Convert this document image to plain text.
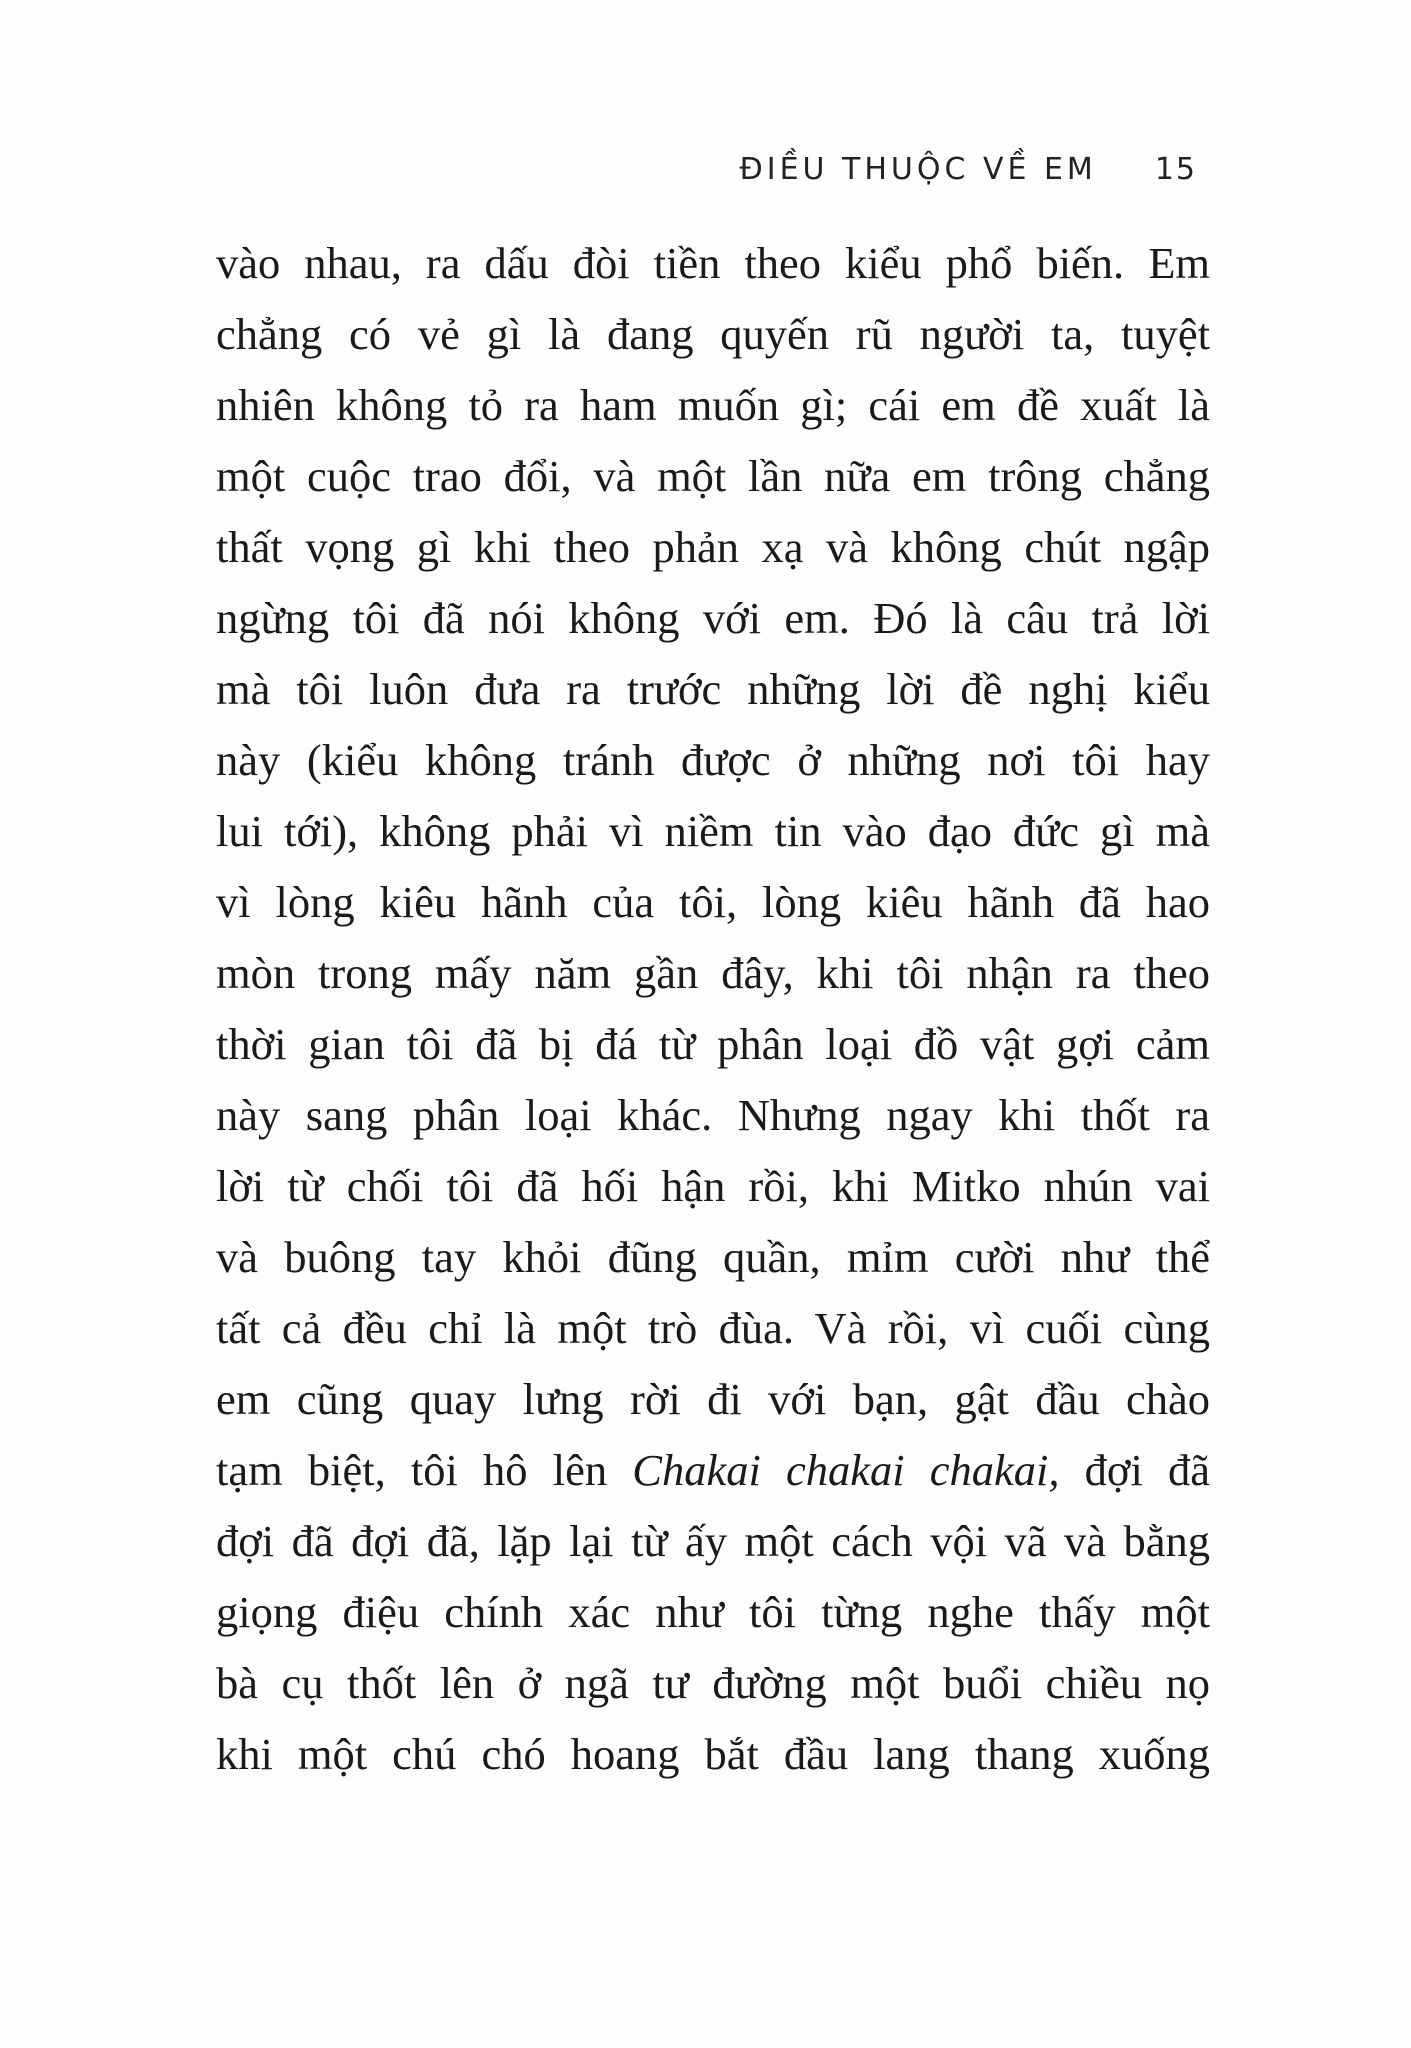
ĐIỀU THUỘC VỀ EM 15
vào nhau, ra dấu đòi tiền theo kiểu phổ biến. Em
chẳng có vẻ gì là đang quyến rũ người ta, tuyệt
nhiên không tỏ ra ham muốn gì; cái em đề xuất là
một cuộc trao đổi, và một lần nữa em trông chẳng
thất vọng gì khi theo phản xạ và không chút ngập
ngừng tôi đã nói không với em. Đó là câu trả lời
mà tôi luôn đưa ra trước những lời đề nghị kiểu
này (kiểu không tránh được ở những nơi tôi hay
lui tới), không phải vì niềm tin vào đạo đức gì mà
vì lòng kiêu hãnh của tôi, lòng kiêu hãnh đã hao
mòn trong mấy năm gần đây, khi tôi nhận ra theo
thời gian tôi đã bị đá từ phân loại đồ vật gợi cảm
này sang phân loại khác. Nhưng ngay khi thốt ra
lời từ chối tôi đã hối hận rồi, khi Mitko nhún vai
và buông tay khỏi đũng quần, mỉm cười như thể
tất cả đều chỉ là một trò đùa. Và rồi, vì cuối cùng
em cũng quay lưng rời đi với bạn, gật đầu chào
tạm biệt, tôi hô lên Chakai chakai chakai, đợi đã
đợi đã đợi đã, lặp lại từ ấy một cách vội vã và bằng
giọng điệu chính xác như tôi từng nghe thấy một
bà cụ thốt lên ở ngã tư đường một buổi chiều nọ
khi một chú chó hoang bắt đầu lang thang xuống
